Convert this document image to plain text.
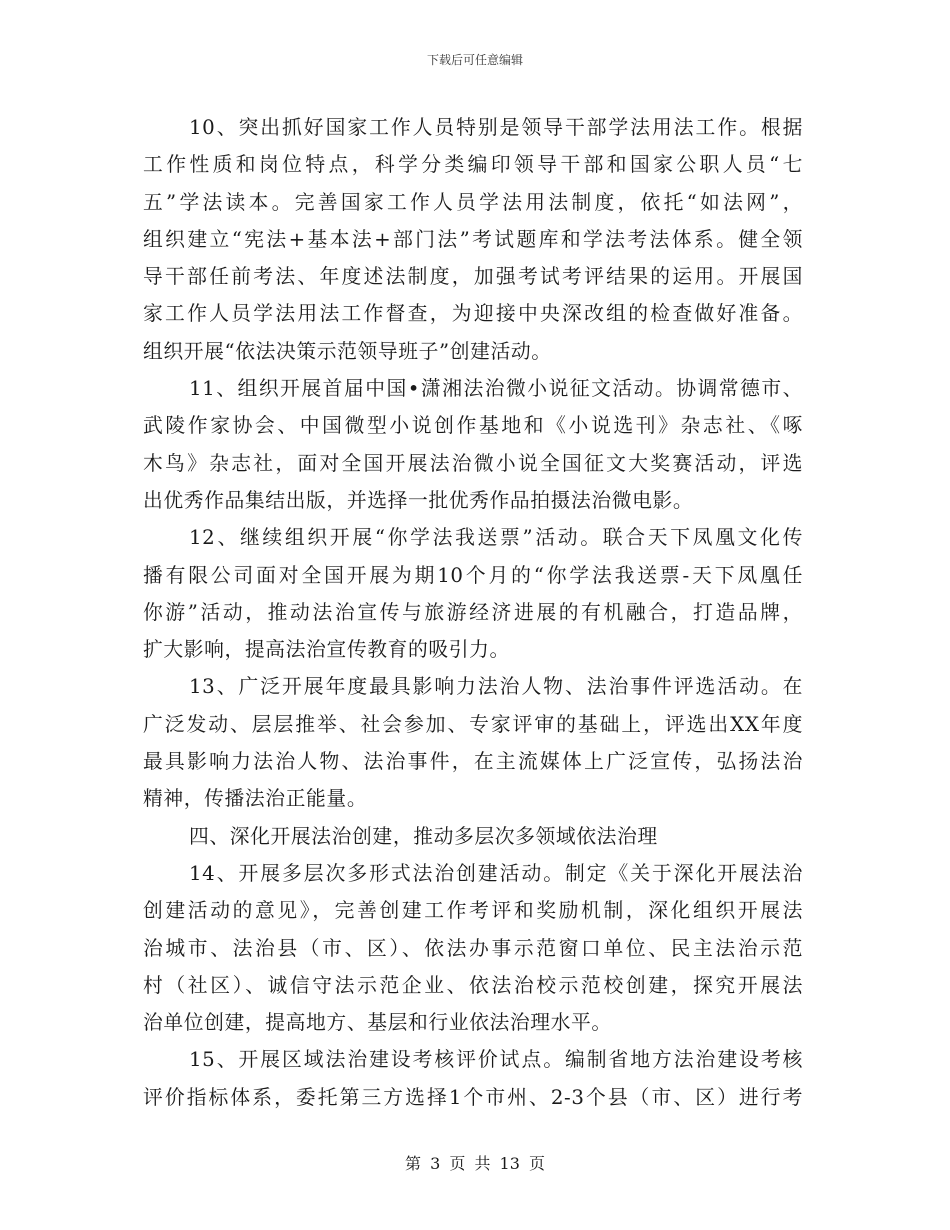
下载后可任意编辑
10、突出抓好国家工作人员特别是领导干部学法用法工作。根据
工作性质和岗位特点，科学分类编印领导干部和国家公职人员“七
五”学法读本。完善国家工作人员学法用法制度，依托“如法网”，
组织建立“宪法+基本法+部门法”考试题库和学法考法体系。健全领
导干部任前考法、年度述法制度，加强考试考评结果的运用。开展国
家工作人员学法用法工作督查，为迎接中央深改组的检查做好准备。
组织开展“依法决策示范领导班子”创建活动。
11、组织开展首届中国•潇湘法治微小说征文活动。协调常德市、
武陵作家协会、中国微型小说创作基地和《小说选刊》杂志社、《啄
木鸟》杂志社，面对全国开展法治微小说全国征文大奖赛活动，评选
出优秀作品集结出版，并选择一批优秀作品拍摄法治微电影。
12、继续组织开展“你学法我送票”活动。联合天下凤凰文化传
播有限公司面对全国开展为期10个月的“你学法我送票-天下凤凰任
你游”活动，推动法治宣传与旅游经济进展的有机融合，打造品牌，
扩大影响，提高法治宣传教育的吸引力。
13、广泛开展年度最具影响力法治人物、法治事件评选活动。在
广泛发动、层层推举、社会参加、专家评审的基础上，评选出XX年度
最具影响力法治人物、法治事件，在主流媒体上广泛宣传，弘扬法治
精神，传播法治正能量。
四、深化开展法治创建，推动多层次多领域依法治理
14、开展多层次多形式法治创建活动。制定《关于深化开展法治
创建活动的意见》，完善创建工作考评和奖励机制，深化组织开展法
治城市、法治县（市、区）、依法办事示范窗口单位、民主法治示范
村（社区）、诚信守法示范企业、依法治校示范校创建，探究开展法
治单位创建，提高地方、基层和行业依法治理水平。
15、开展区域法治建设考核评价试点。编制省地方法治建设考核
评价指标体系，委托第三方选择1个市州、2-3个县（市、区）进行考
第 3 页 共 13 页
